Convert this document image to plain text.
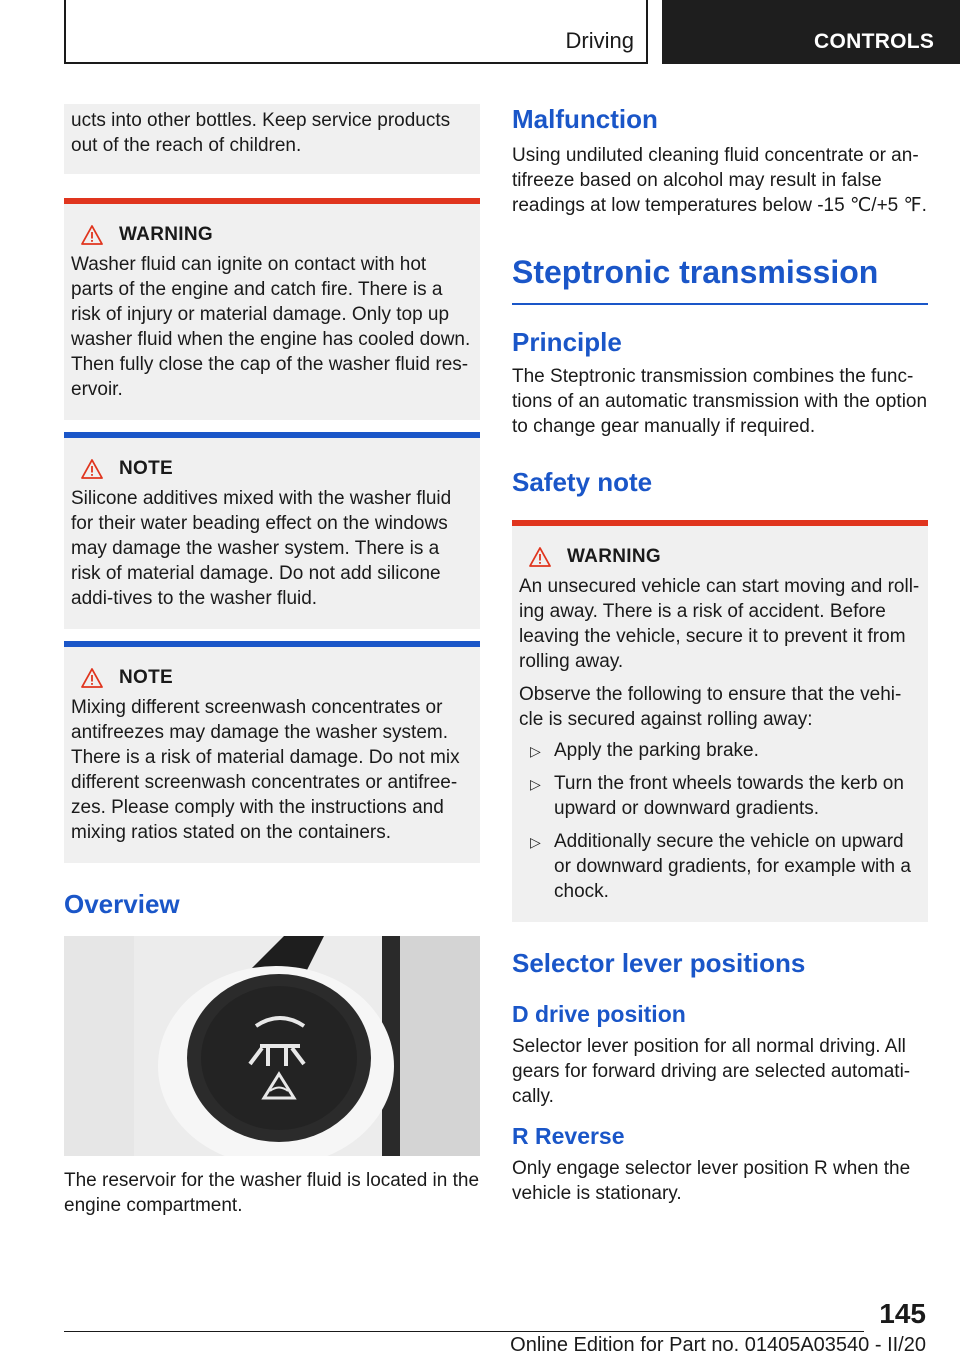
Driving	CONTROLS

ucts into other bottles. Keep service products out of the reach of children.

WARNING

Washer fluid can ignite on contact with hot parts of the engine and catch fire. There is a risk of injury or material damage. Only top up washer fluid when the engine has cooled down. Then fully close the cap of the washer fluid res‐ervoir.

NOTE

Silicone additives mixed with the washer fluid for their water beading effect on the windows may damage the washer system. There is a risk of material damage. Do not add silicone addi‐tives to the washer fluid.

NOTE

Mixing different screenwash concentrates or antifreezes may damage the washer system. There is a risk of material damage. Do not mix different screenwash concentrates or antifree‐zes. Please comply with the instructions and mixing ratios stated on the containers.

Overview

The reservoir for the washer fluid is located in the engine compartment.

Malfunction

Using undiluted cleaning fluid concentrate or an‐tifreeze based on alcohol may result in false readings at low temperatures below -15 ℃/+5 ℉.

Steptronic transmission
Principle

The Steptronic transmission combines the func‐tions of an automatic transmission with the option to change gear manually if required.

Safety note
WARNING

An unsecured vehicle can start moving and roll‐ing away. There is a risk of accident. Before leaving the vehicle, secure it to prevent it from rolling away.

Observe the following to ensure that the vehi‐cle is secured against rolling away:

▷ Apply the parking brake.
▷ Turn the front wheels towards the kerb on upward or downward gradients.
▷ Additionally secure the vehicle on upward or downward gradients, for example with a chock.
Selector lever positions
D drive position

Selector lever position for all normal driving. All gears for forward driving are selected automati‐cally.

R Reverse

Only engage selector lever position R when the vehicle is stationary.

145
Online Edition for Part no. 01405A03540 - II/20
